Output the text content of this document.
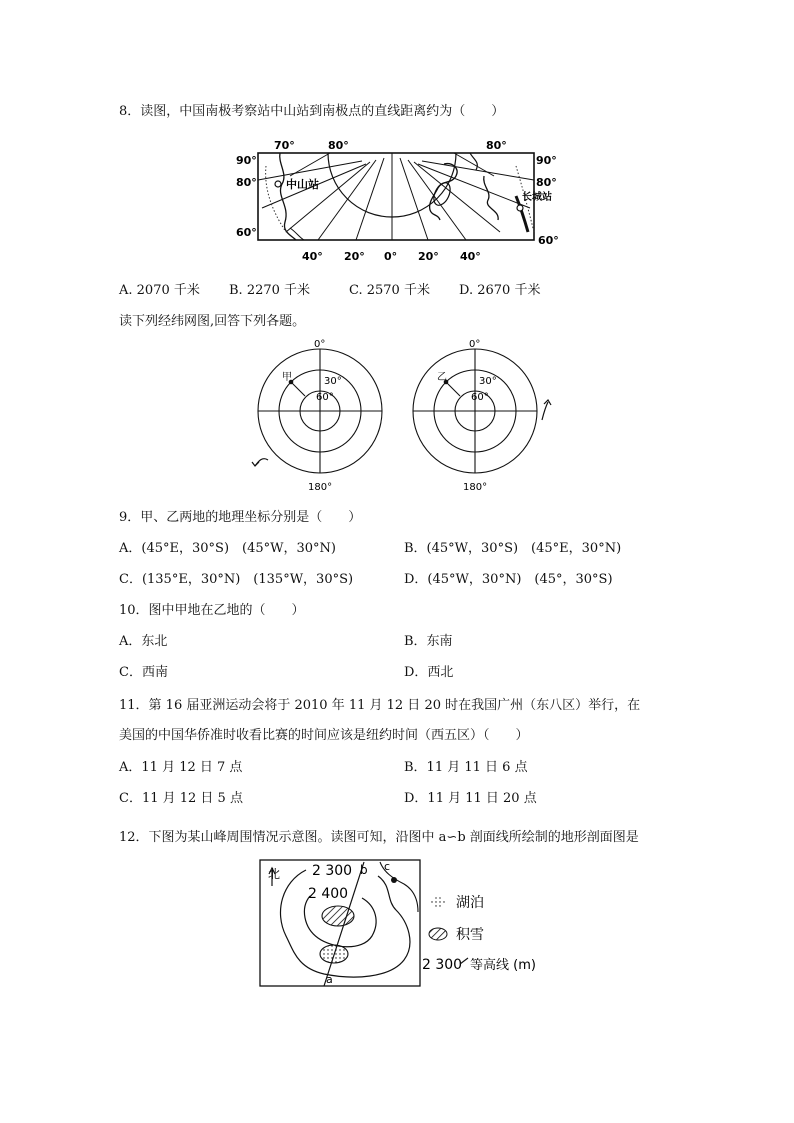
8．读图，中国南极考察站中山站到南极点的直线距离约为（　　）
70°	80°	80°
90°
80°
60°
90°
80°
60°
40° 20° 0° 20° 40°
中山站
长城站
A. 2070 千米 B. 2270 千米	C. 2570 千米 D. 2670 千米
读下列经纬网图,回答下列各题。
0°
180°
30°
60°
甲
0°
180°
30°
60°
乙
9．甲、乙两地的地理坐标分别是（　　）
A．(45°E，30°S)　(45°W，30°N)	B．(45°W，30°S)　(45°E，30°N)
C．(135°E，30°N)　(135°W，30°S)	D．(45°W，30°N)　(45°，30°S)
10．图中甲地在乙地的（　　）
A．东北	B．东南
C．西南	D．西北
11．第 16 届亚洲运动会将于 2010 年 11 月 12 日 20 时在我国广州（东八区）举行，在
美国的中国华侨准时收看比赛的时间应该是纽约时间（西五区）（　　）
A．11 月 12 日 7 点	B．11 月 11 日 6 点
C．11 月 12 日 5 点	D．11 月 11 日 20 点
12．下图为某山峰周围情况示意图。读图可知，沿图中 a∽b 剖面线所绘制的地形剖面图是
北 2 300
2 400
b c
a
湖泊
积雪
2 300 等高线 (m)
